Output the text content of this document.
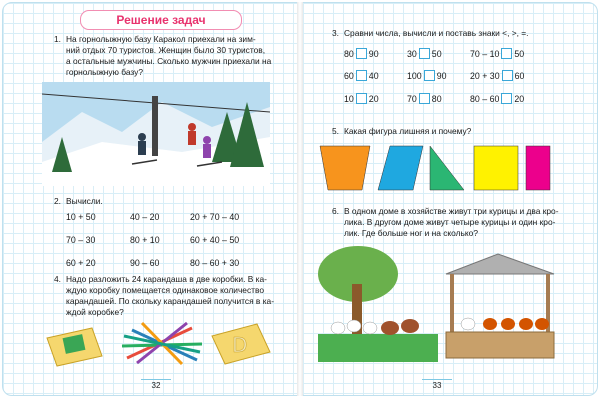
Решение задач
1. На горнолыжную базу Каракол приехали на зим-
ний отдых 70 туристов. Женщин было 30 туристов,
а остальные мужчины. Сколько мужчин приехали на
горнолыжную базу?
2. Вычисли.
10 + 50	40 – 20	20 + 70 – 40
70 – 30	80 + 10	60 + 40 – 50
60 + 20	90 – 60	80 – 60 + 30
4. Надо разложить 24 карандаша в две коробки. В ка-
ждую коробку помещается одинаковое количество
карандашей. По скольку карандашей получится в ка-
ждой коробке?
D
32
3. Сравни числа, вычисли и поставь знаки <, >, =.
80 90	30 50	70 – 10 50
60 40	100 90	20 + 30 60
10 20	70 80	80 – 60 20
5. Какая фигура лишняя и почему?
6. В одном доме в хозяйстве живут три курицы и два кро-
лика. В другом доме живут четыре курицы и один кро-
лик. Где больше ног и на сколько?
33
